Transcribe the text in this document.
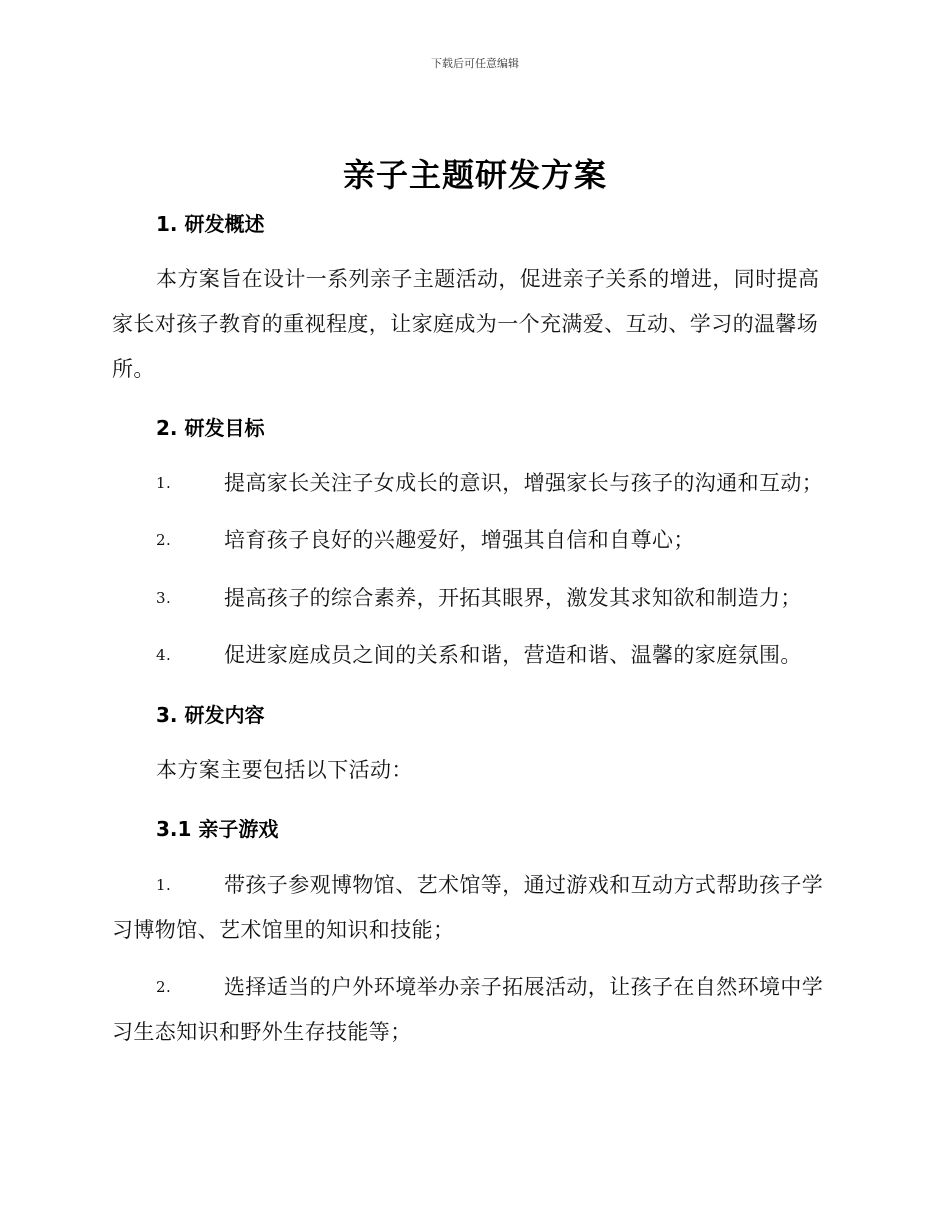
下载后可任意编辑
亲子主题研发方案
1. 研发概述
本方案旨在设计一系列亲子主题活动，促进亲子关系的增进，同时提高家长对孩子教育的重视程度，让家庭成为一个充满爱、互动、学习的温馨场所。
2. 研发目标
1.	提高家长关注子女成长的意识，增强家长与孩子的沟通和互动；
2.	培育孩子良好的兴趣爱好，增强其自信和自尊心；
3.	提高孩子的综合素养，开拓其眼界，激发其求知欲和制造力；
4.	促进家庭成员之间的关系和谐，营造和谐、温馨的家庭氛围。
3. 研发内容
本方案主要包括以下活动：
3.1 亲子游戏
1.	带孩子参观博物馆、艺术馆等，通过游戏和互动方式帮助孩子学习博物馆、艺术馆里的知识和技能；
2.	选择适当的户外环境举办亲子拓展活动，让孩子在自然环境中学习生态知识和野外生存技能等；
